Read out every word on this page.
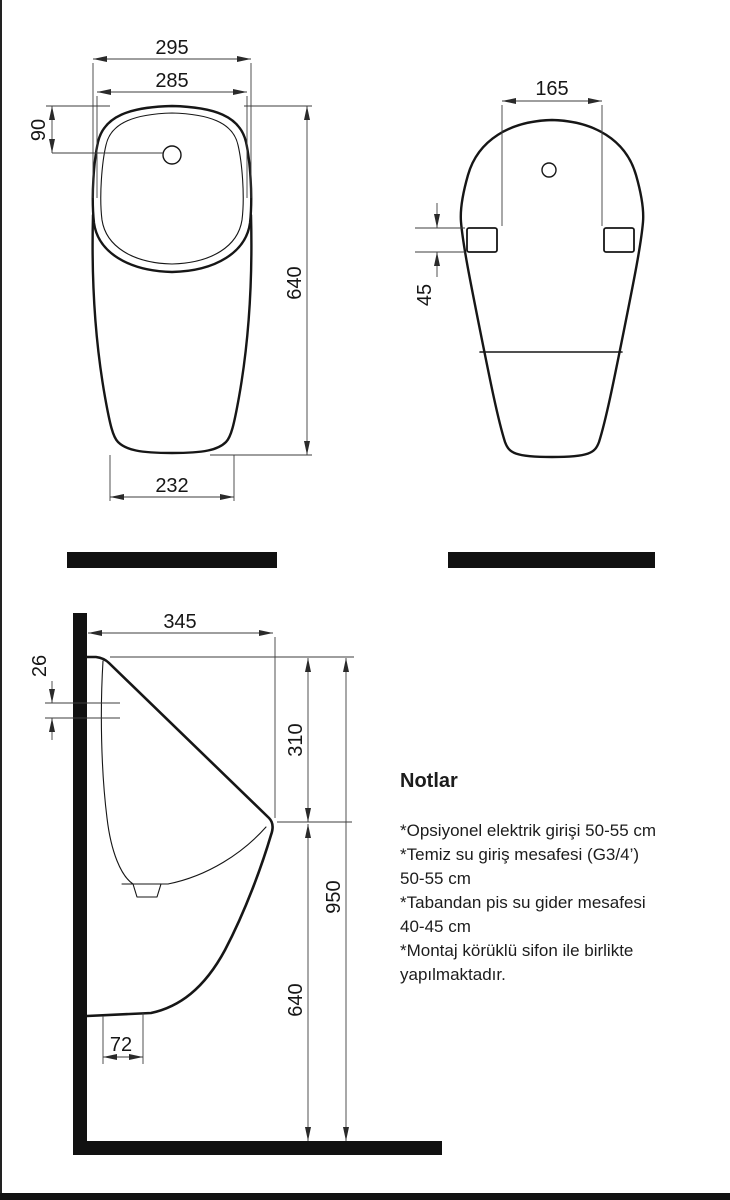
295
285
90
640
232
165
45
345
26
310
950
640
72
Notlar
*Opsiyonel elektrik girişi 50-55 cm
*Temiz su giriş mesafesi (G3/4’)
50-55 cm
*Tabandan pis su gider mesafesi
40-45 cm
*Montaj körüklü sifon ile birlikte
yapılmaktadır.
